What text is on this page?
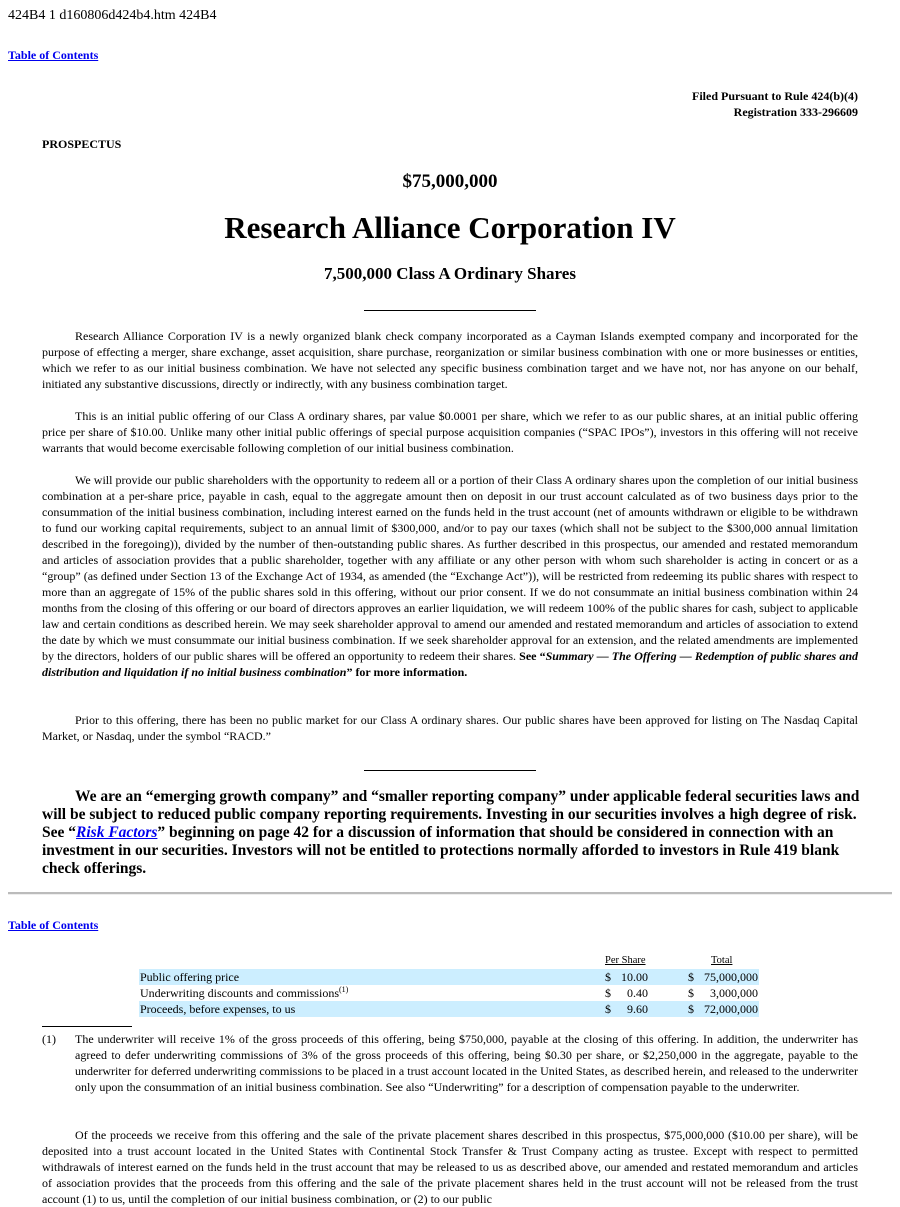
424B4 1 d160806d424b4.htm 424B4
Table of Contents
Filed Pursuant to Rule 424(b)(4)
Registration 333-296609
PROSPECTUS
$75,000,000
Research Alliance Corporation IV
7,500,000 Class A Ordinary Shares

Research Alliance Corporation IV is a newly organized blank check company incorporated as a Cayman Islands exempted company and incorporated for the purpose of effecting a merger, share exchange, asset acquisition, share purchase, reorganization or similar business combination with one or more businesses or entities, which we refer to as our initial business combination. We have not selected any specific business combination target and we have not, nor has anyone on our behalf, initiated any substantive discussions, directly or indirectly, with any business combination target.

This is an initial public offering of our Class A ordinary shares, par value $0.0001 per share, which we refer to as our public shares, at an initial public offering price per share of $10.00. Unlike many other initial public offerings of special purpose acquisition companies (“SPAC IPOs”), investors in this offering will not receive warrants that would become exercisable following completion of our initial business combination.

We will provide our public shareholders with the opportunity to redeem all or a portion of their Class A ordinary shares upon the completion of our initial business combination at a per-share price, payable in cash, equal to the aggregate amount then on deposit in our trust account calculated as of two business days prior to the consummation of the initial business combination, including interest earned on the funds held in the trust account (net of amounts withdrawn or eligible to be withdrawn to fund our working capital requirements, subject to an annual limit of $300,000, and/or to pay our taxes (which shall not be subject to the $300,000 annual limitation described in the foregoing)), divided by the number of then-outstanding public shares. As further described in this prospectus, our amended and restated memorandum and articles of association provides that a public shareholder, together with any affiliate or any other person with whom such shareholder is acting in concert or as a “group” (as defined under Section 13 of the Exchange Act of 1934, as amended (the “Exchange Act”)), will be restricted from redeeming its public shares with respect to more than an aggregate of 15% of the public shares sold in this offering, without our prior consent. If we do not consummate an initial business combination within 24 months from the closing of this offering or our board of directors approves an earlier liquidation, we will redeem 100% of the public shares for cash, subject to applicable law and certain conditions as described herein. We may seek shareholder approval to amend our amended and restated memorandum and articles of association to extend the date by which we must consummate our initial business combination. If we seek shareholder approval for an extension, and the related amendments are implemented by the directors, holders of our public shares will be offered an opportunity to redeem their shares. See “Summary — The Offering — Redemption of public shares and distribution and liquidation if no initial business combination” for more information.

Prior to this offering, there has been no public market for our Class A ordinary shares. Our public shares have been approved for listing on The Nasdaq Capital Market, or Nasdaq, under the symbol “RACD.”

We are an “emerging growth company” and “smaller reporting company” under applicable federal securities laws and will be subject to reduced public company reporting requirements. Investing in our securities involves a high degree of risk. See “Risk Factors” beginning on page 42 for a discussion of information that should be considered in connection with an investment in our securities. Investors will not be entitled to protections normally afforded to investors in Rule 419 blank check offerings.

Table of Contents
Per Share	Total
Public offering price	$ 10.00	$ 75,000,000
Underwriting discounts and commissions$^{(1)}$	$	0.40	$	3,000,000
Proceeds, before expenses, to us	$	9.60	$ 72,000,000
(1) The underwriter will receive 1% of the gross proceeds of this offering, being $750,000, payable at the closing of this offering. In addition, the underwriter has agreed to defer underwriting commissions of 3% of the gross proceeds of this offering, being $0.30 per share, or $2,250,000 in the aggregate, payable to the underwriter for deferred underwriting commissions to be placed in a trust account located in the United States, as described herein, and released to the underwriter only upon the consummation of an initial business combination. See also “Underwriting” for a description of compensation payable to the underwriter.

Of the proceeds we receive from this offering and the sale of the private placement shares described in this prospectus, $75,000,000 ($10.00 per share), will be deposited into a trust account located in the United States with Continental Stock Transfer & Trust Company acting as trustee. Except with respect to permitted withdrawals of interest earned on the funds held in the trust account that may be released to us as described above, our amended and restated memorandum and articles of association provides that the proceeds from this offering and the sale of the private placement shares held in the trust account will not be released from the trust account (1) to us, until the completion of our initial business combination, or (2) to our public
